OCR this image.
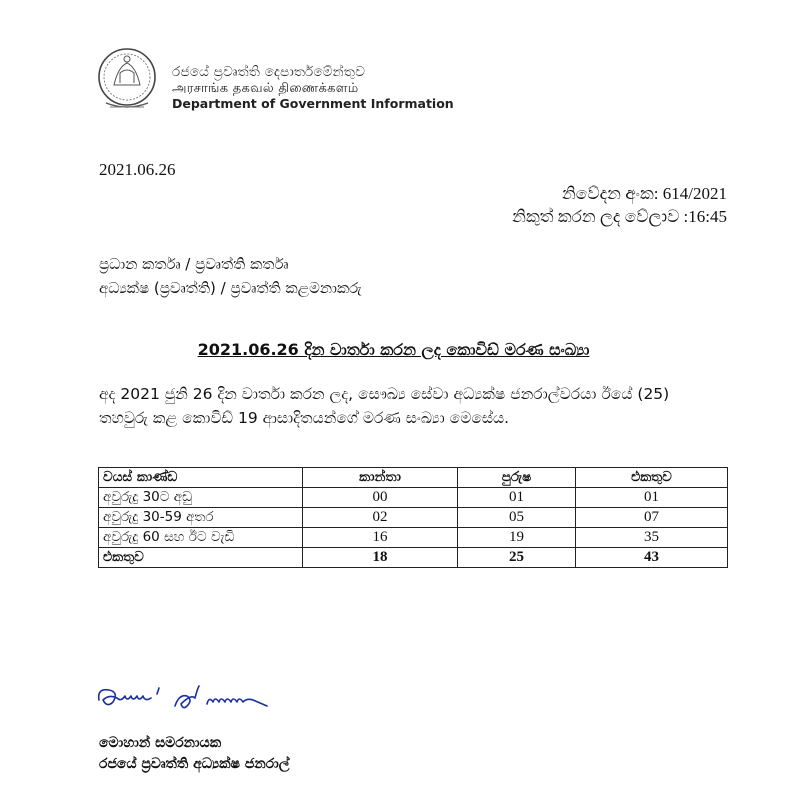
රජයේ ප්‍රවෘත්ති දෙපාර්තමේන්තුව
அரசாங்க தகவல் திணைக்களம்
Department of Government Information
2021.06.26
නිවේදන අංක: 614/2021
නිකුත් කරන ලද වේලාව :16:45
ප්‍රධාන කර්තෘ / ප්‍රවෘත්ති කර්තෘ
අධ්‍යක්ෂ (ප්‍රවෘත්ති) / ප්‍රවෘත්ති කළමනාකරු
2021.06.26 දින වාර්තා කරන ලද කොවිඩ් මරණ සංඛ්‍යා
අද 2021 ජුනි 26 දින වාර්තා කරන ලද, සෞඛ්‍ය සේවා අධ්‍යක්ෂ ජනරාල්වරයා ඊයේ (25)
තහවුරු කළ කොවිඩ් 19 ආසාදිතයන්ගේ මරණ සංඛ්‍යා මෙසේය.
වයස් කාණ්ඩ	කාන්තා	පුරුෂ	එකතුව
අවුරුදු 30ට අඩු	00	01	01
අවුරුදු 30-59 අතර	02	05	07
අවුරුදු 60 සහ ඊට වැඩි	16	19	35
එකතුව	18	25	43
මොහාන් සමරනායක
රජයේ ප්‍රවෘත්ති අධ්‍යක්ෂ ජනරාල්
